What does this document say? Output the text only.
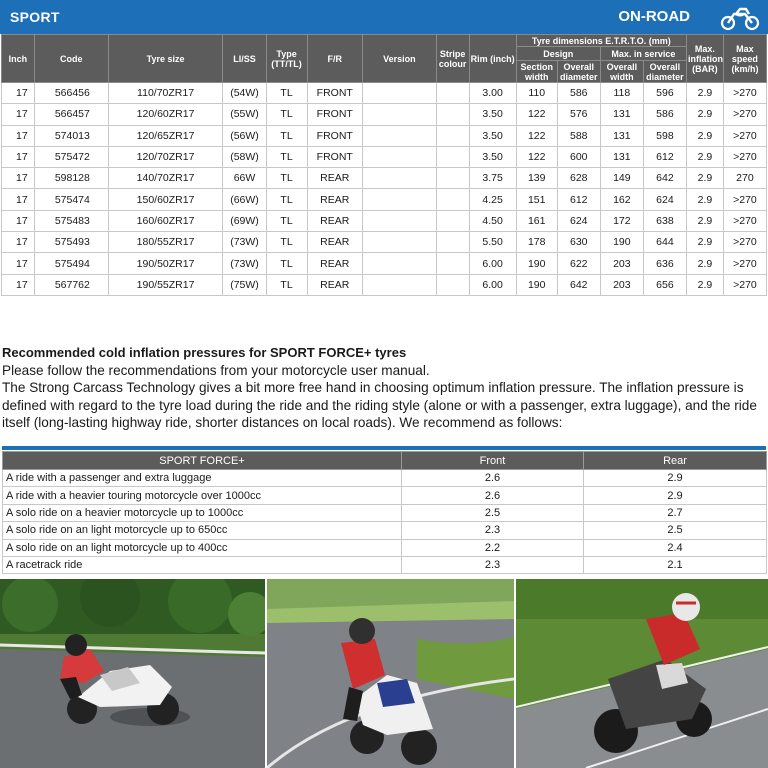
SPORT	ON-ROAD
Inch	Code	Tyre size	LI/SS	Type (TT/TL)	F/R	Version	Stripe colour	Rim (inch)	Tyre dimensions E.T.R.T.O. (mm)				Max. inflation (BAR)	Max speed (km/h)
									Design		Max. in service			
									Section width	Overall diameter	Overall width	Overall diameter		
17	566456	110/70ZR17	(54W)	TL	FRONT			3.00	110	586	118	596	2.9	>270
17	566457	120/60ZR17	(55W)	TL	FRONT			3.50	122	576	131	586	2.9	>270
17	574013	120/65ZR17	(56W)	TL	FRONT			3.50	122	588	131	598	2.9	>270
17	575472	120/70ZR17	(58W)	TL	FRONT			3.50	122	600	131	612	2.9	>270
17	598128	140/70ZR17	66W	TL	REAR			3.75	139	628	149	642	2.9	270
17	575474	150/60ZR17	(66W)	TL	REAR			4.25	151	612	162	624	2.9	>270
17	575483	160/60ZR17	(69W)	TL	REAR			4.50	161	624	172	638	2.9	>270
17	575493	180/55ZR17	(73W)	TL	REAR			5.50	178	630	190	644	2.9	>270
17	575494	190/50ZR17	(73W)	TL	REAR			6.00	190	622	203	636	2.9	>270
17	567762	190/55ZR17	(75W)	TL	REAR			6.00	190	642	203	656	2.9	>270
Recommended cold inflation pressures for SPORT FORCE+ tyres
Please follow the recommendations from your motorcycle user manual.
The Strong Carcass Technology gives a bit more free hand in choosing optimum inflation pressure. The inflation pressure is defined with regard to the tyre load during the ride and the riding style (alone or with a passenger, extra luggage), and the ride itself (long-lasting highway ride, shorter distances on local roads). We recommend as follows:
SPORT FORCE+	Front	Rear
A ride with a passenger and extra luggage	2.6	2.9
A ride with a heavier touring motorcycle over 1000cc	2.6	2.9
A solo ride on a heavier motorcycle up to 1000cc	2.5	2.7
A solo ride on an light motorcycle up to 650cc	2.3	2.5
A solo ride on an light motorcycle up to 400cc	2.2	2.4
A racetrack ride	2.3	2.1
